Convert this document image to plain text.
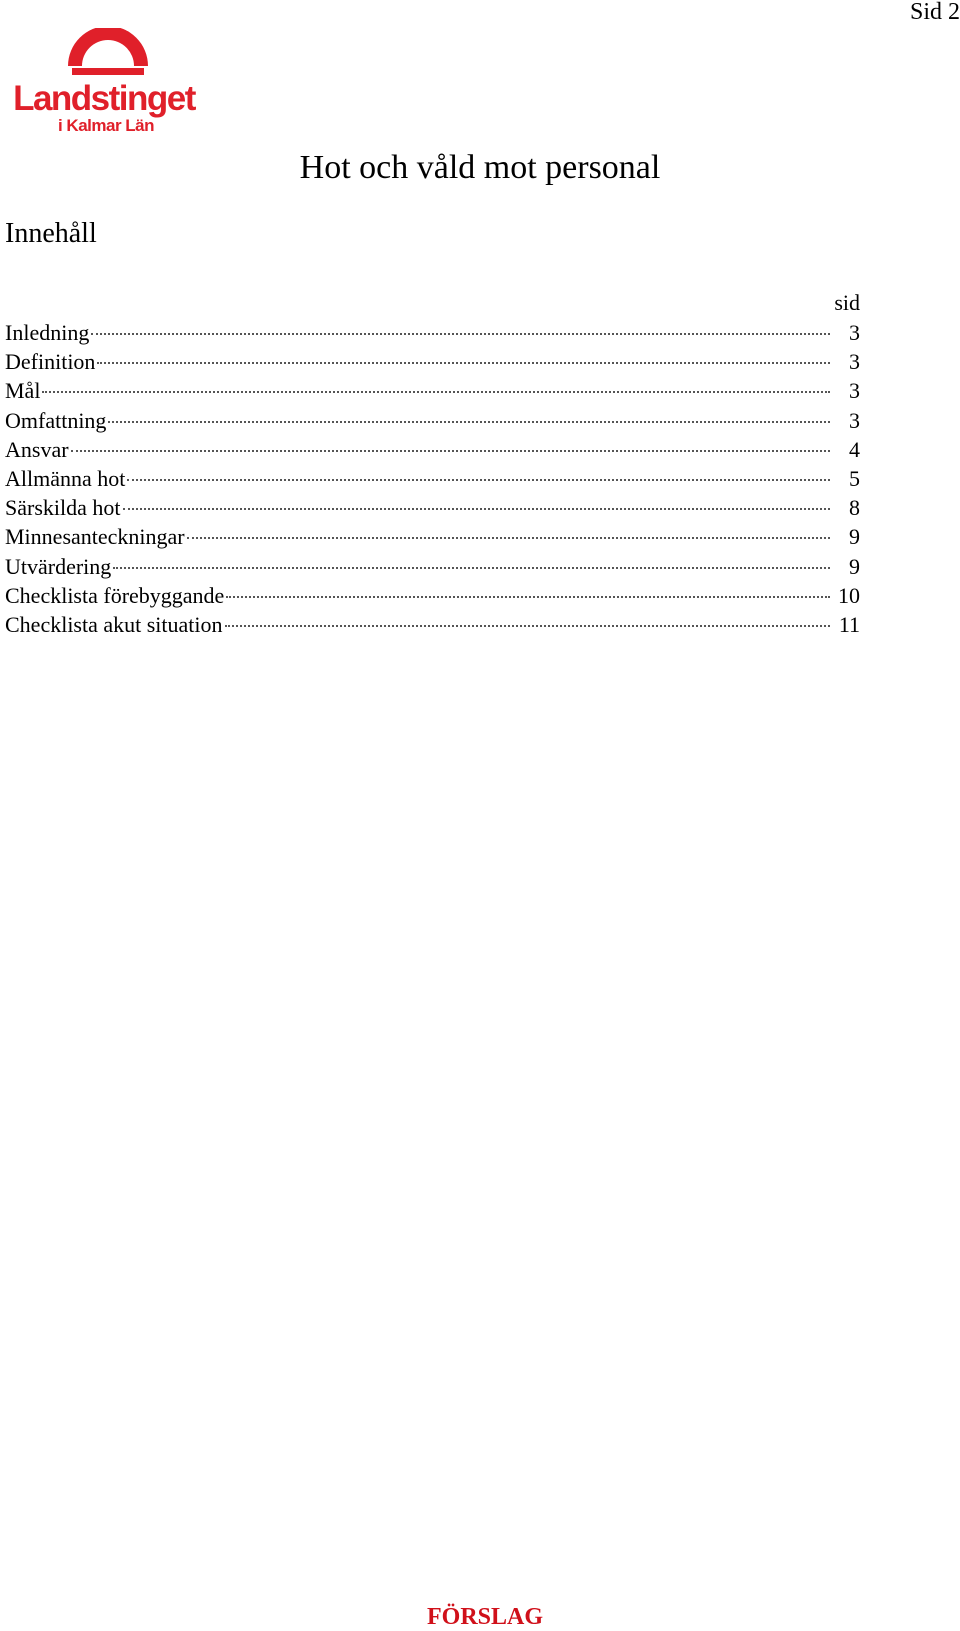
Sid 2
Landstinget
i Kalmar Län
Hot och våld mot personal
Innehåll
sid
Inledning	3
Definition	3
Mål	3
Omfattning	3
Ansvar	4
Allmänna hot	5
Särskilda hot	8
Minnesanteckningar	9
Utvärdering	9
Checklista förebyggande	10
Checklista akut situation	11
FÖRSLAG
